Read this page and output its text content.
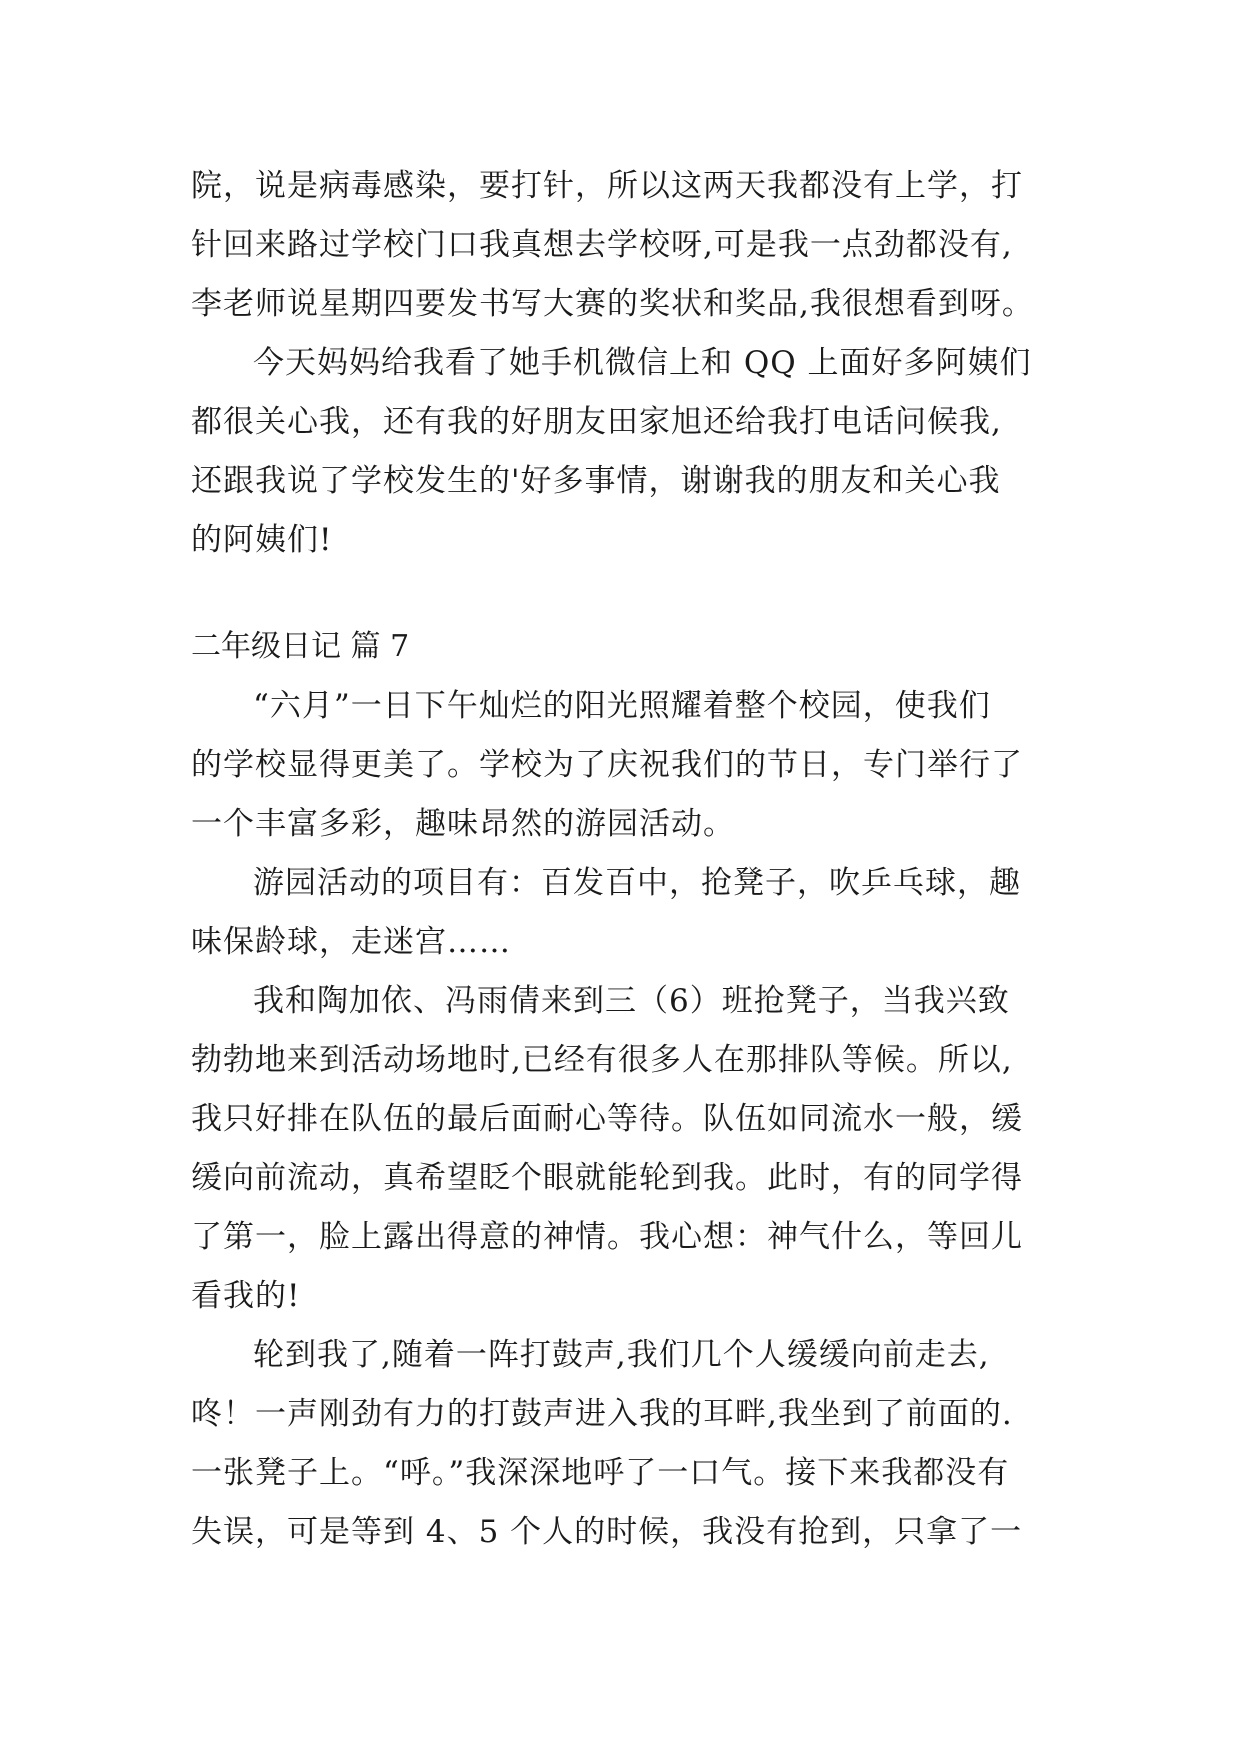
院，说是病毒感染，要打针，所以这两天我都没有上学，打
针回来路过学校门口我真想去学校呀,可是我一点劲都没有,
李老师说星期四要发书写大赛的奖状和奖品,我很想看到呀。
今天妈妈给我看了她手机微信上和 QQ 上面好多阿姨们
都很关心我，还有我的好朋友田家旭还给我打电话问候我,
还跟我说了学校发生的'好多事情，谢谢我的朋友和关心我
的阿姨们!
二年级日记 篇 7
“六月”一日下午灿烂的阳光照耀着整个校园，使我们
的学校显得更美了。学校为了庆祝我们的节日，专门举行了
一个丰富多彩，趣味昂然的游园活动。
游园活动的项目有：百发百中，抢凳子，吹乒乓球，趣
味保龄球，走迷宫……
我和陶加依、冯雨倩来到三（6）班抢凳子，当我兴致
勃勃地来到活动场地时,已经有很多人在那排队等候。所以,
我只好排在队伍的最后面耐心等待。队伍如同流水一般，缓
缓向前流动，真希望眨个眼就能轮到我。此时，有的同学得
了第一，脸上露出得意的神情。我心想：神气什么，等回儿
看我的!
轮到我了,随着一阵打鼓声,我们几个人缓缓向前走去,
咚！一声刚劲有力的打鼓声进入我的耳畔,我坐到了前面的.
一张凳子上。“呼。”我深深地呼了一口气。接下来我都没有
失误，可是等到 4、5 个人的时候，我没有抢到，只拿了一
